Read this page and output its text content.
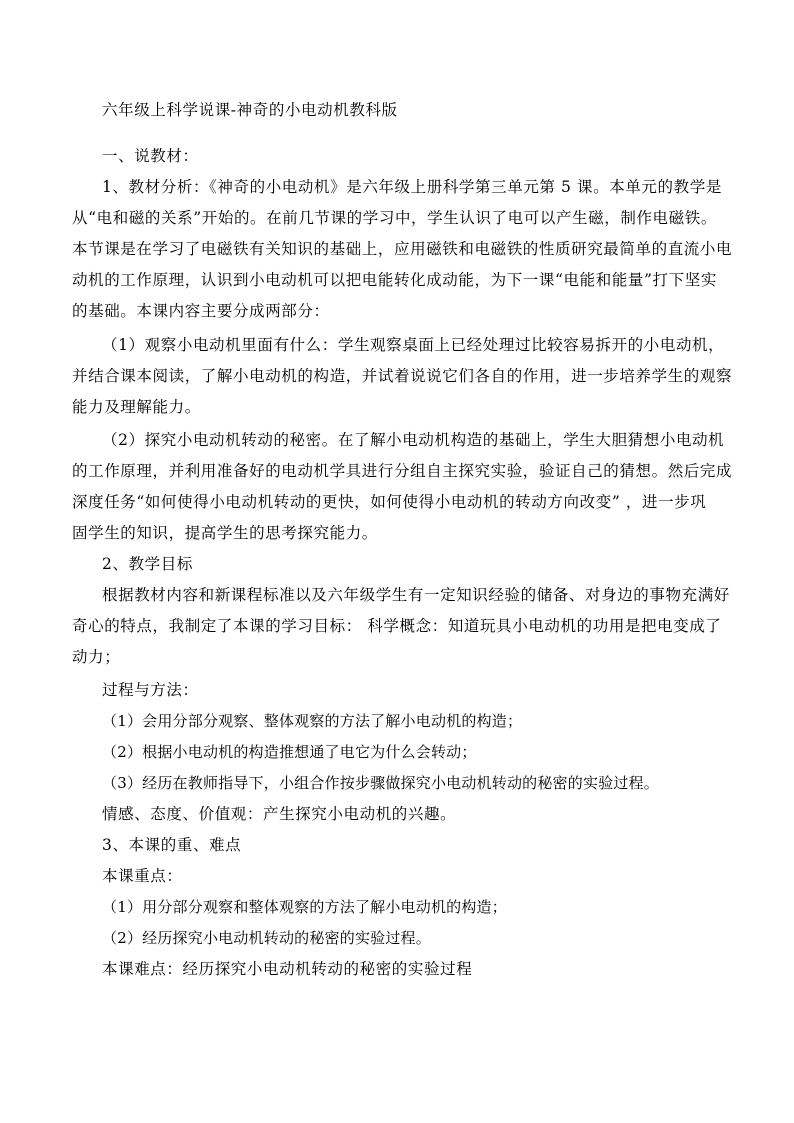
六年级上科学说课-神奇的小电动机教科版
一、说教材：
1、教材分析：《神奇的小电动机》是六年级上册科学第三单元第 5 课。本单元的教学是
从“电和磁的关系”开始的。在前几节课的学习中，学生认识了电可以产生磁，制作电磁铁。
本节课是在学习了电磁铁有关知识的基础上，应用磁铁和电磁铁的性质研究最简单的直流小电
动机的工作原理，认识到小电动机可以把电能转化成动能，为下一课“电能和能量”打下坚实
的基础。本课内容主要分成两部分：
（1）观察小电动机里面有什么：学生观察桌面上已经处理过比较容易拆开的小电动机，
并结合课本阅读，了解小电动机的构造，并试着说说它们各自的作用，进一步培养学生的观察
能力及理解能力。
（2）探究小电动机转动的秘密。在了解小电动机构造的基础上，学生大胆猜想小电动机
的工作原理，并利用准备好的电动机学具进行分组自主探究实验，验证自己的猜想。然后完成
深度任务“如何使得小电动机转动的更快，如何使得小电动机的转动方向改变” ，进一步巩
固学生的知识，提高学生的思考探究能力。
2、教学目标
根据教材内容和新课程标准以及六年级学生有一定知识经验的储备、对身边的事物充满好
奇心的特点，我制定了本课的学习目标： 科学概念：知道玩具小电动机的功用是把电变成了
动力；
过程与方法：
（1）会用分部分观察、整体观察的方法了解小电动机的构造；
（2）根据小电动机的构造推想通了电它为什么会转动；
（3）经历在教师指导下，小组合作按步骤做探究小电动机转动的秘密的实验过程。
情感、态度、价值观：产生探究小电动机的兴趣。
3、本课的重、难点
本课重点：
（1）用分部分观察和整体观察的方法了解小电动机的构造；
（2）经历探究小电动机转动的秘密的实验过程。
本课难点：经历探究小电动机转动的秘密的实验过程
